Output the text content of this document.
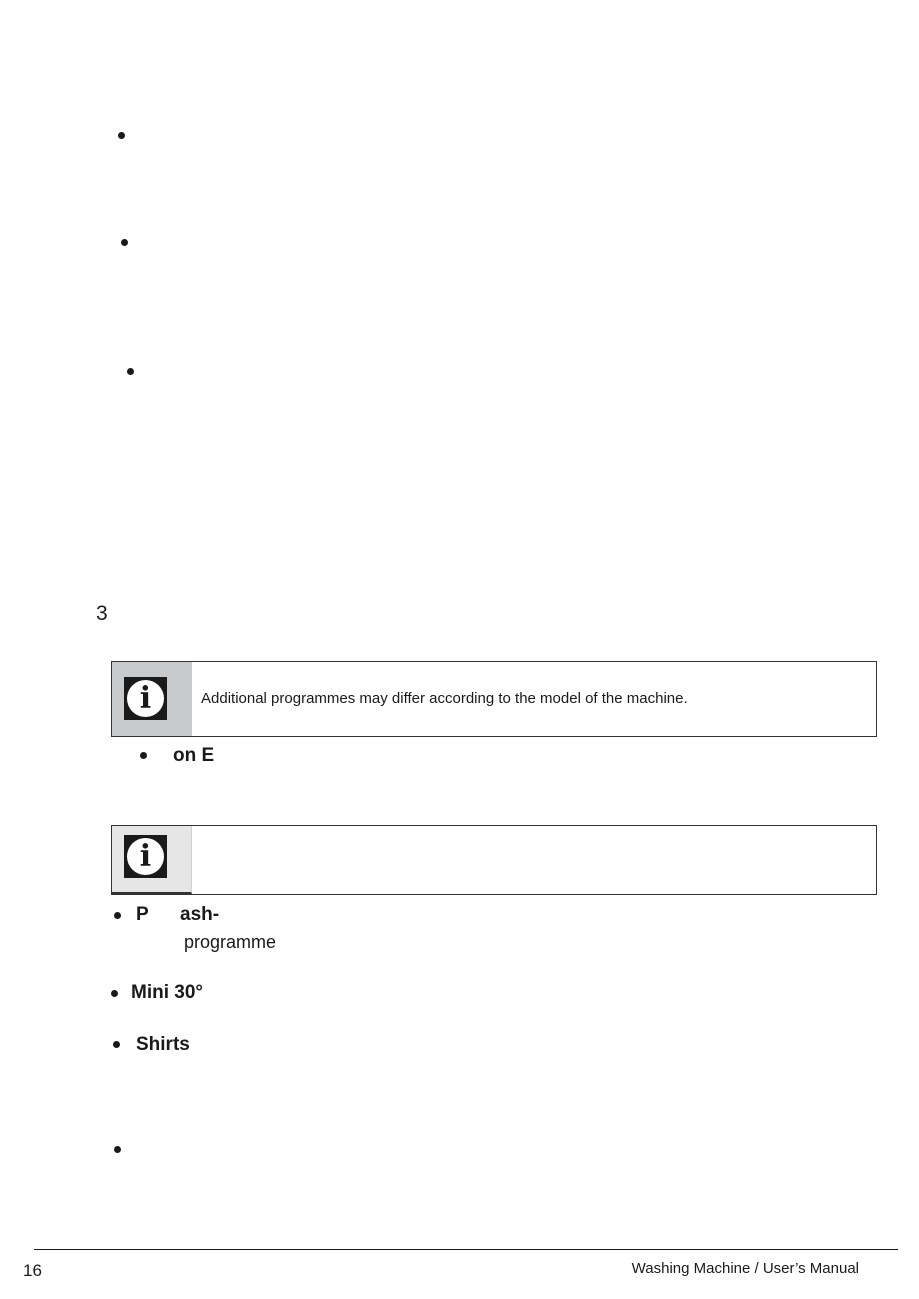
3
i	Additional programmes may differ according to the model of the machine.
on E
i
P      ash-
programme
Mini 30°
Shirts
16	Washing Machine / User’s Manual
